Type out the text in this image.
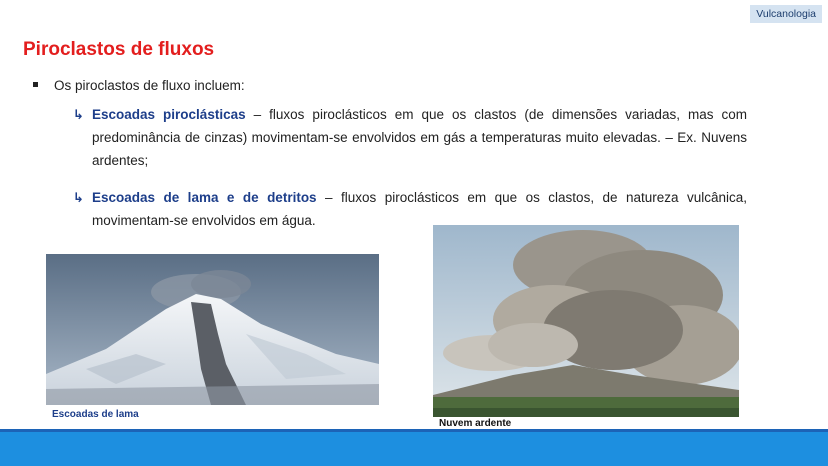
Vulcanologia
Piroclastos de fluxos
Os piroclastos de fluxo incluem:
↳ Escoadas piroclásticas – fluxos piroclásticos em que os clastos (de dimensões variadas, mas com predominância de cinzas) movimentam-se envolvidos em gás a temperaturas muito elevadas. – Ex. Nuvens ardentes;
↳ Escoadas de lama e de detritos – fluxos piroclásticos em que os clastos, de natureza vulcânica, movimentam-se envolvidos em água.
Escoadas de lama
Nuvem ardente
